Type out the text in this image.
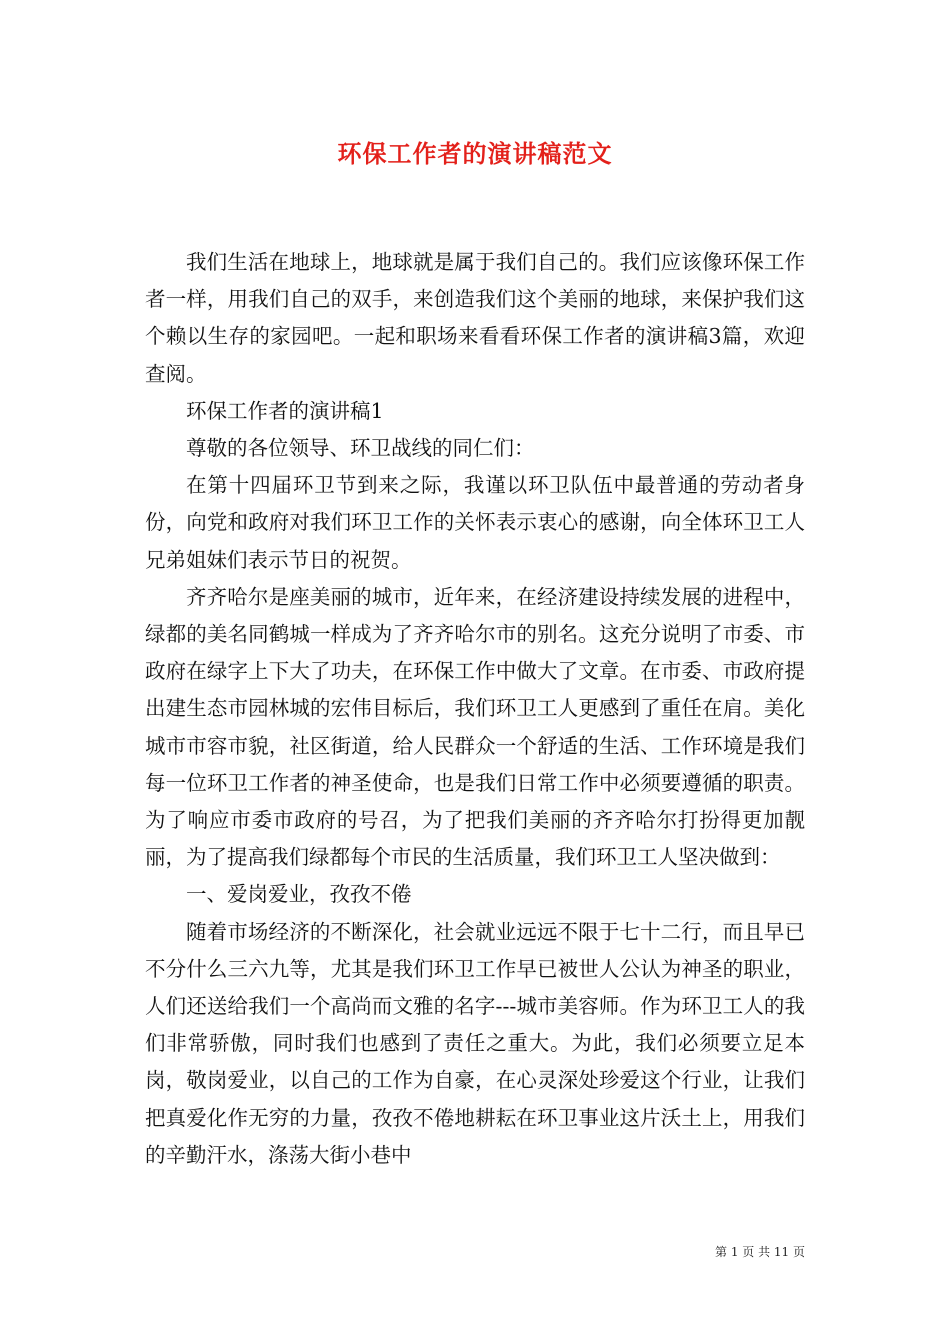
环保工作者的演讲稿范文

我们生活在地球上，地球就是属于我们自己的。我们应该像环保工作者一样，用我们自己的双手，来创造我们这个美丽的地球，来保护我们这个赖以生存的家园吧。一起和职场来看看环保工作者的演讲稿3篇，欢迎查阅。

环保工作者的演讲稿1

尊敬的各位领导、环卫战线的同仁们：

在第十四届环卫节到来之际，我谨以环卫队伍中最普通的劳动者身份，向党和政府对我们环卫工作的关怀表示衷心的感谢，向全体环卫工人兄弟姐妹们表示节日的祝贺。

齐齐哈尔是座美丽的城市，近年来，在经济建设持续发展的进程中，绿都的美名同鹤城一样成为了齐齐哈尔市的别名。这充分说明了市委、市政府在绿字上下大了功夫，在环保工作中做大了文章。在市委、市政府提出建生态市园林城的宏伟目标后，我们环卫工人更感到了重任在肩。美化城市市容市貌，社区街道，给人民群众一个舒适的生活、工作环境是我们每一位环卫工作者的神圣使命，也是我们日常工作中必须要遵循的职责。为了响应市委市政府的号召，为了把我们美丽的齐齐哈尔打扮得更加靓丽，为了提高我们绿都每个市民的生活质量，我们环卫工人坚决做到：

一、爱岗爱业，孜孜不倦

随着市场经济的不断深化，社会就业远远不限于七十二行，而且早已不分什么三六九等，尤其是我们环卫工作早已被世人公认为神圣的职业，人们还送给我们一个高尚而文雅的名字---城市美容师。作为环卫工人的我们非常骄傲，同时我们也感到了责任之重大。为此，我们必须要立足本岗，敬岗爱业，以自己的工作为自豪，在心灵深处珍爱这个行业，让我们把真爱化作无穷的力量，孜孜不倦地耕耘在环卫事业这片沃土上，用我们的辛勤汗水，涤荡大街小巷中

第 1 页 共 11 页
